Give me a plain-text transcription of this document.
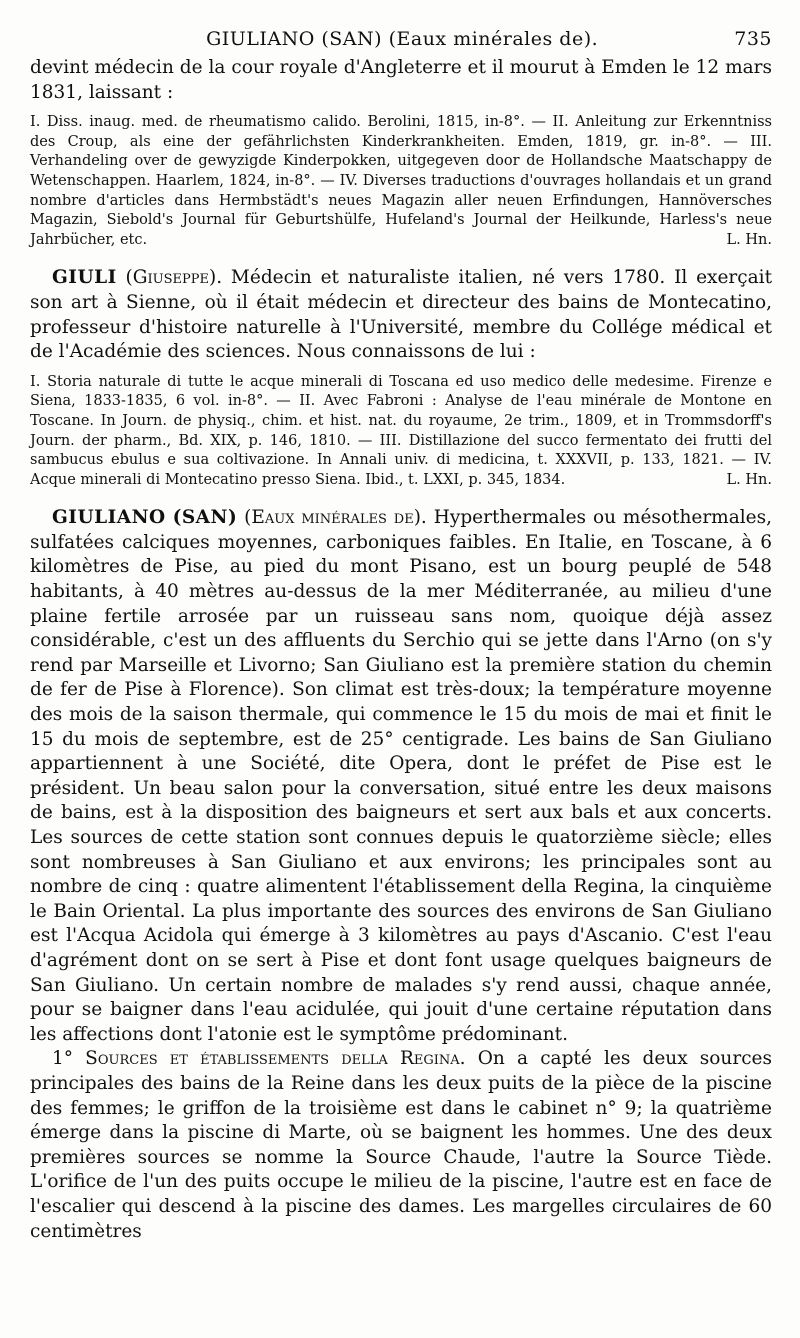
GIULIANO (SAN) (Eaux minérales de).	735

devint médecin de la cour royale d'Angleterre et il mourut à Emden le 12 mars 1831, laissant :

I. Diss. inaug. med. de rheumatismo calido. Berolini, 1815, in-8°. — II. Anleitung zur Erkenntniss des Croup, als eine der gefährlichsten Kinderkrankheiten. Emden, 1819, gr. in-8°. — III. Verhandeling over de gewyzigde Kinderpokken, uitgegeven door de Hollandsche Maatschappy de Wetenschappen. Haarlem, 1824, in-8°. — IV. Diverses traductions d'ouvrages hollandais et un grand nombre d'articles dans Hermbstädt's neues Magazin aller neuen Erfindungen, Hannöversches Magazin, Siebold's Journal für Geburtshülfe, Hufeland's Journal der Heilkunde, Harless's neue Jahrbücher, etc.	L. Hn.

GIULI (Giuseppe). Médecin et naturaliste italien, né vers 1780. Il exerçait son art à Sienne, où il était médecin et directeur des bains de Montecatino, professeur d'histoire naturelle à l'Université, membre du Collége médical et de l'Académie des sciences. Nous connaissons de lui :

I. Storia naturale di tutte le acque minerali di Toscana ed uso medico delle medesime. Firenze e Siena, 1833-1835, 6 vol. in-8°. — II. Avec Fabroni : Analyse de l'eau minérale de Montone en Toscane. In Journ. de physiq., chim. et hist. nat. du royaume, 2e trim., 1809, et in Trommsdorff's Journ. der pharm., Bd. XIX, p. 146, 1810. — III. Distillazione del succo fermentato dei frutti del sambucus ebulus e sua coltivazione. In Annali univ. di medicina, t. XXXVII, p. 133, 1821. — IV. Acque minerali di Montecatino presso Siena. Ibid., t. LXXI, p. 345, 1834.	L. Hn.

GIULIANO (SAN) (Eaux minérales de). Hyperthermales ou mésothermales, sulfatées calciques moyennes, carboniques faibles. En Italie, en Toscane, à 6 kilomètres de Pise, au pied du mont Pisano, est un bourg peuplé de 548 habitants, à 40 mètres au-dessus de la mer Méditerranée, au milieu d'une plaine fertile arrosée par un ruisseau sans nom, quoique déjà assez considérable, c'est un des affluents du Serchio qui se jette dans l'Arno (on s'y rend par Marseille et Livorno; San Giuliano est la première station du chemin de fer de Pise à Florence). Son climat est très-doux; la température moyenne des mois de la saison thermale, qui commence le 15 du mois de mai et finit le 15 du mois de septembre, est de 25° centigrade. Les bains de San Giuliano appartiennent à une Société, dite Opera, dont le préfet de Pise est le président. Un beau salon pour la conversation, situé entre les deux maisons de bains, est à la disposition des baigneurs et sert aux bals et aux concerts. Les sources de cette station sont connues depuis le quatorzième siècle; elles sont nombreuses à San Giuliano et aux environs; les principales sont au nombre de cinq : quatre alimentent l'établissement della Regina, la cinquième le Bain Oriental. La plus importante des sources des environs de San Giuliano est l'Acqua Acidola qui émerge à 3 kilomètres au pays d'Ascanio. C'est l'eau d'agrément dont on se sert à Pise et dont font usage quelques baigneurs de San Giuliano. Un certain nombre de malades s'y rend aussi, chaque année, pour se baigner dans l'eau acidulée, qui jouit d'une certaine réputation dans les affections dont l'atonie est le symptôme prédominant.

1° Sources et établissements della Regina. On a capté les deux sources principales des bains de la Reine dans les deux puits de la pièce de la piscine des femmes; le griffon de la troisième est dans le cabinet n° 9; la quatrième émerge dans la piscine di Marte, où se baignent les hommes. Une des deux premières sources se nomme la Source Chaude, l'autre la Source Tiède. L'orifice de l'un des puits occupe le milieu de la piscine, l'autre est en face de l'escalier qui descend à la piscine des dames. Les margelles circulaires de 60 centimètres
